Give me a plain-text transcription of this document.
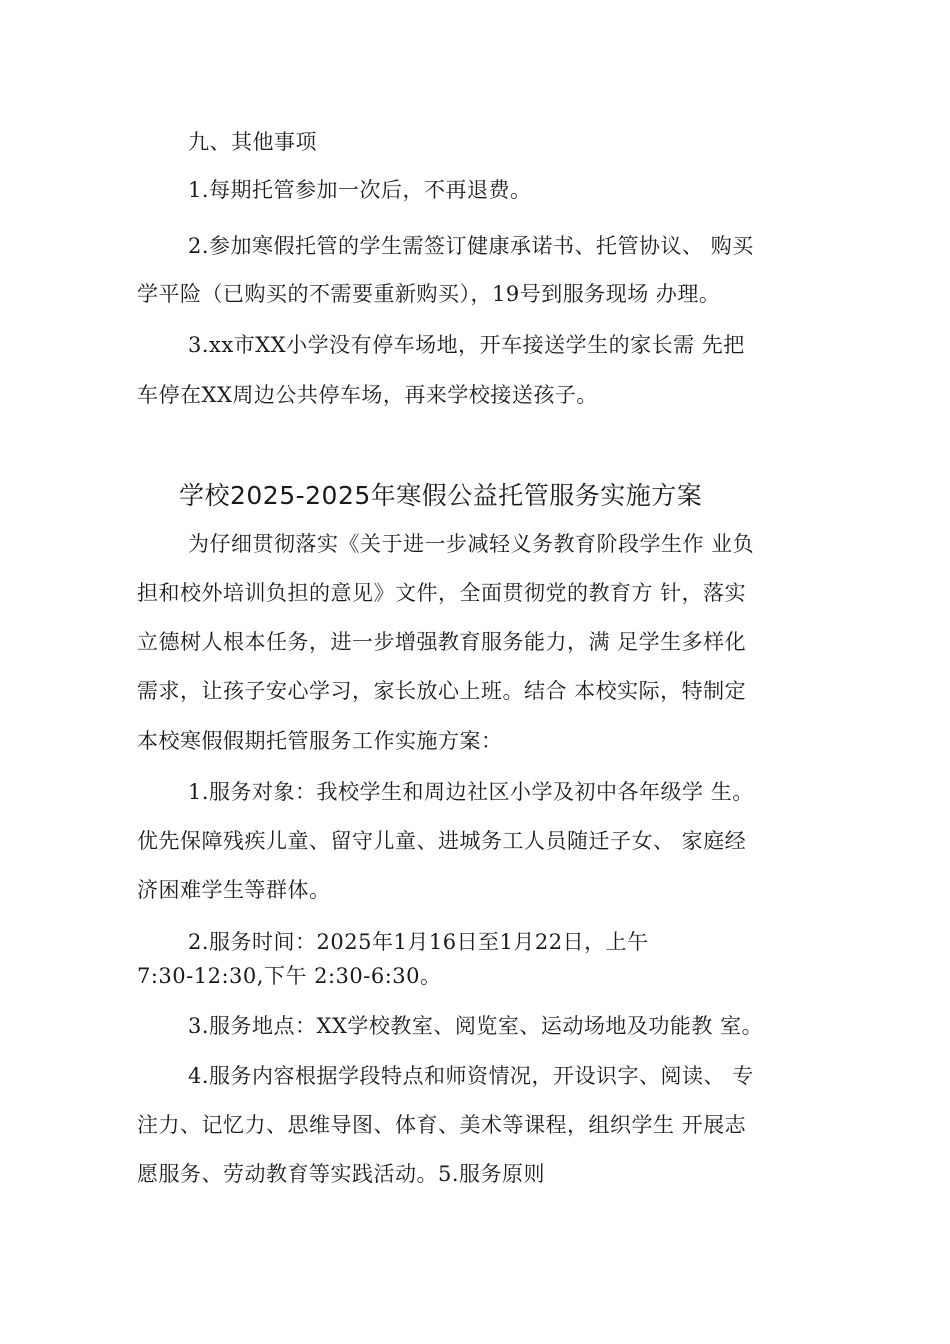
九、其他事项
1.每期托管参加一次后，不再退费。
2.参加寒假托管的学生需签订健康承诺书、托管协议、 购买
学平险（已购买的不需要重新购买），19号到服务现场 办理。
3.xx市XX小学没有停车场地，开车接送学生的家长需 先把
车停在XX周边公共停车场，再来学校接送孩子。
学校2025-2025年寒假公益托管服务实施方案
为仔细贯彻落实《关于进一步减轻义务教育阶段学生作 业负
担和校外培训负担的意见》文件，全面贯彻党的教育方 针，落实
立德树人根本任务，进一步增强教育服务能力，满 足学生多样化
需求，让孩子安心学习，家长放心上班。结合 本校实际，特制定
本校寒假假期托管服务工作实施方案：
1.服务对象：我校学生和周边社区小学及初中各年级学 生。
优先保障残疾儿童、留守儿童、进城务工人员随迁子女、 家庭经
济困难学生等群体。
2.服务时间：2025年1月16日至1月22日，上午
7:30-12:30,下午 2:30-6:30。
3.服务地点：XX学校教室、阅览室、运动场地及功能教 室。
4.服务内容根据学段特点和师资情况，开设识字、阅读、 专
注力、记忆力、思维导图、体育、美术等课程，组织学生 开展志
愿服务、劳动教育等实践活动。5.服务原则
